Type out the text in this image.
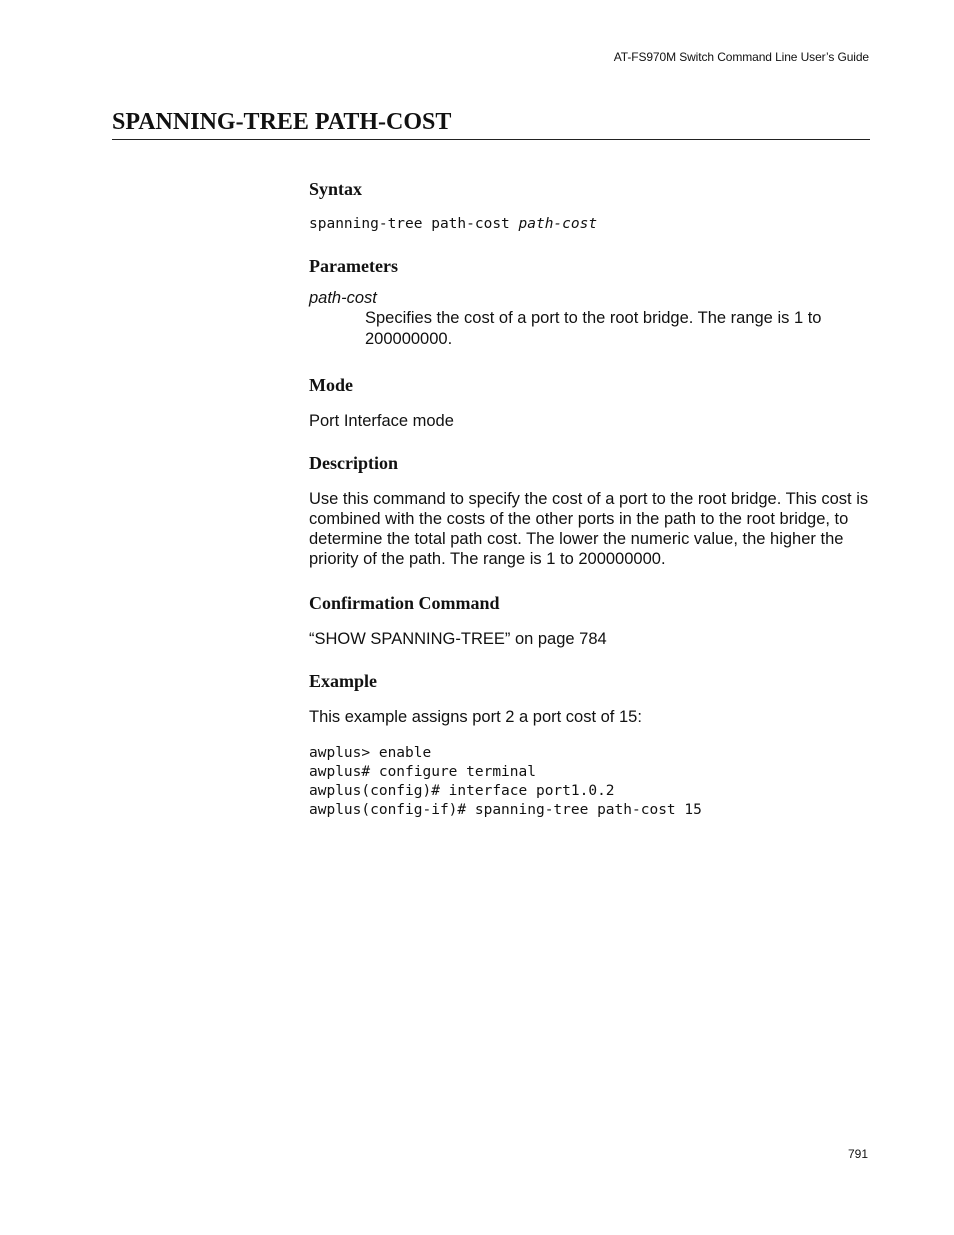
AT-FS970M Switch Command Line User’s Guide
SPANNING-TREE PATH-COST
Syntax

spanning-tree path-cost path-cost

Parameters

path-cost

Specifies the cost of a port to the root bridge. The range is 1 to 200000000.

Mode

Port Interface mode

Description

Use this command to specify the cost of a port to the root bridge. This cost is combined with the costs of the other ports in the path to the root bridge, to determine the total path cost. The lower the numeric value, the higher the priority of the path. The range is 1 to 200000000.

Confirmation Command

“SHOW SPANNING-TREE” on page 784

Example

This example assigns port 2 a port cost of 15:

awplus> enable

awplus# configure terminal

awplus(config)# interface port1.0.2

awplus(config-if)# spanning-tree path-cost 15

791
